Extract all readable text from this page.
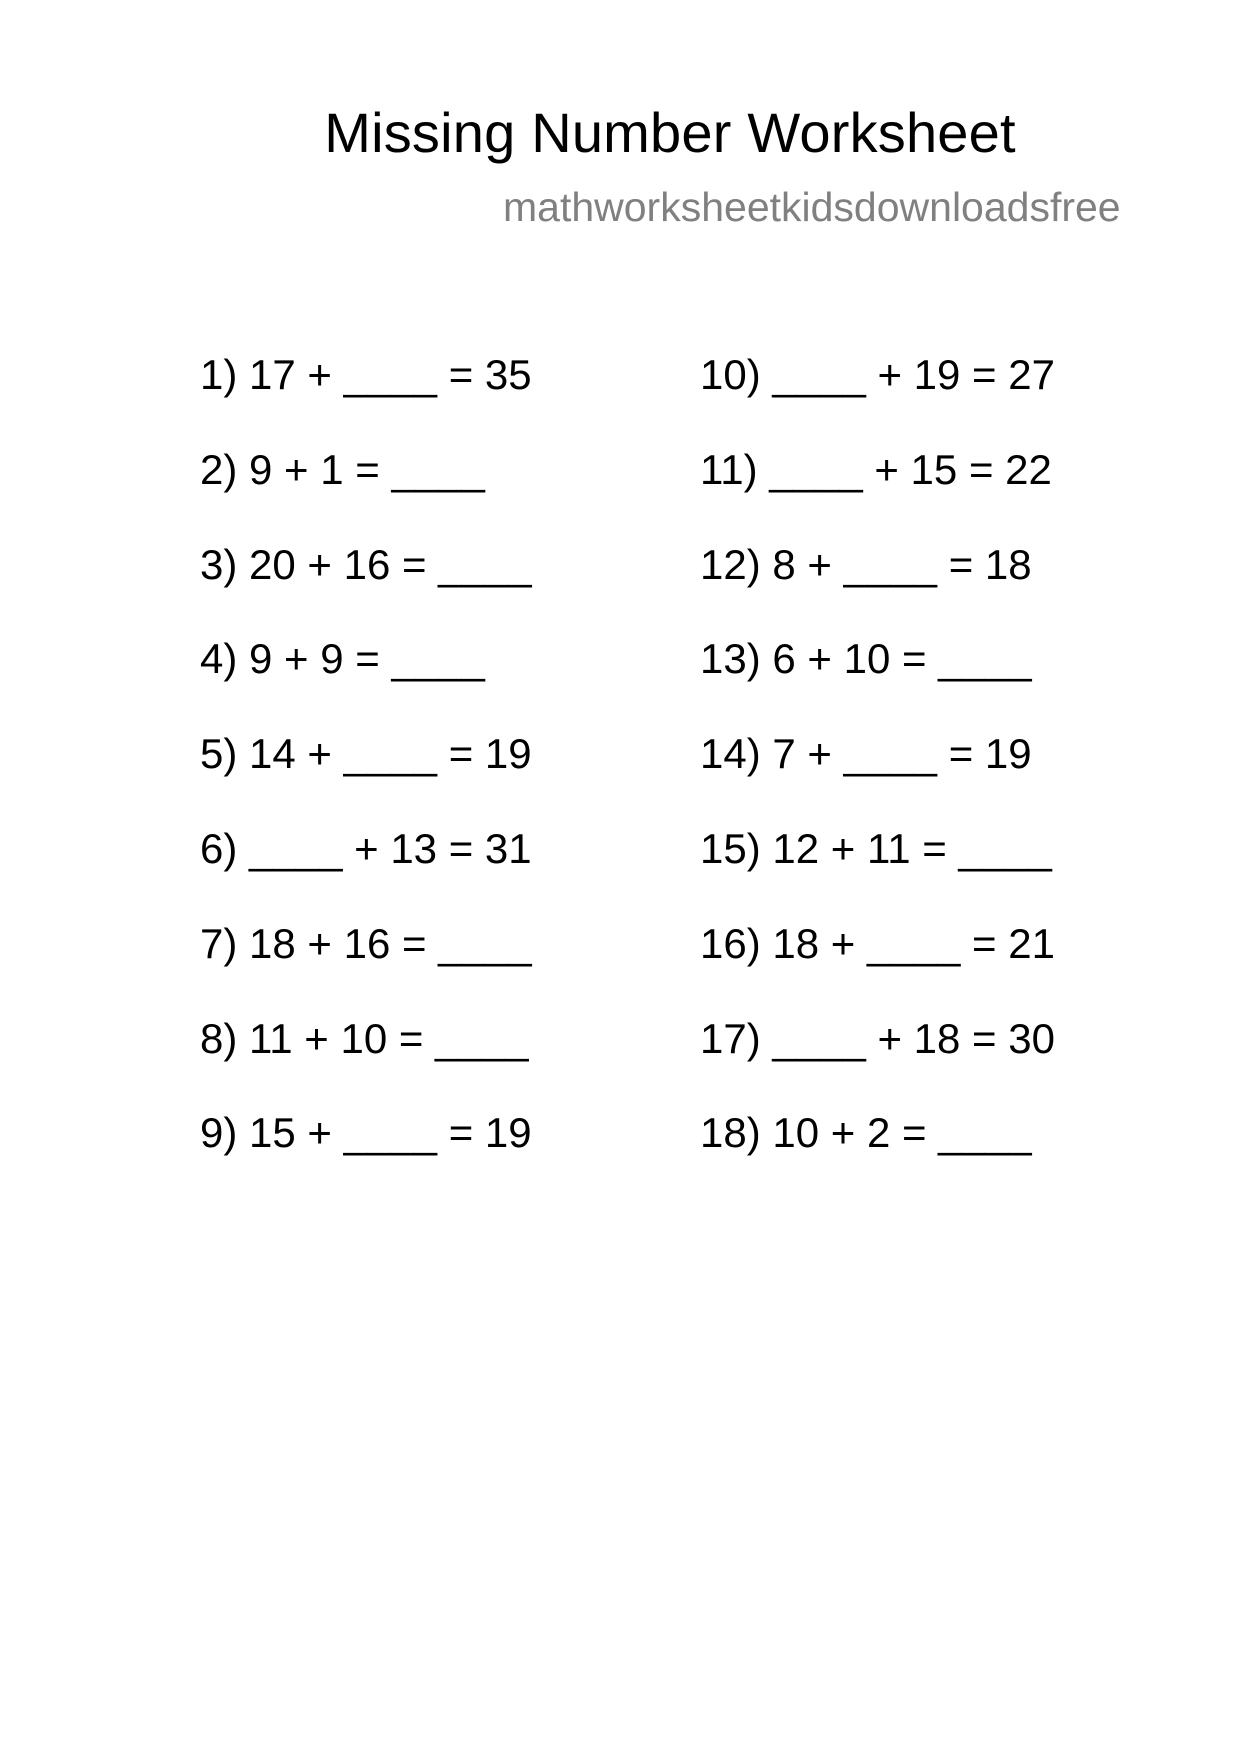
Missing Number Worksheet
mathworksheetkidsdownloadsfree
1) 17 + ____ = 35
2) 9 + 1 = ____
3) 20 + 16 = ____
4) 9 + 9 = ____
5) 14 + ____ = 19
6) ____ + 13 = 31
7) 18 + 16 = ____
8) 11 + 10 = ____
9) 15 + ____ = 19
10) ____ + 19 = 27
11) ____ + 15 = 22
12) 8 + ____ = 18
13) 6 + 10 = ____
14) 7 + ____ = 19
15) 12 + 11 = ____
16) 18 + ____ = 21
17) ____ + 18 = 30
18) 10 + 2 = ____
